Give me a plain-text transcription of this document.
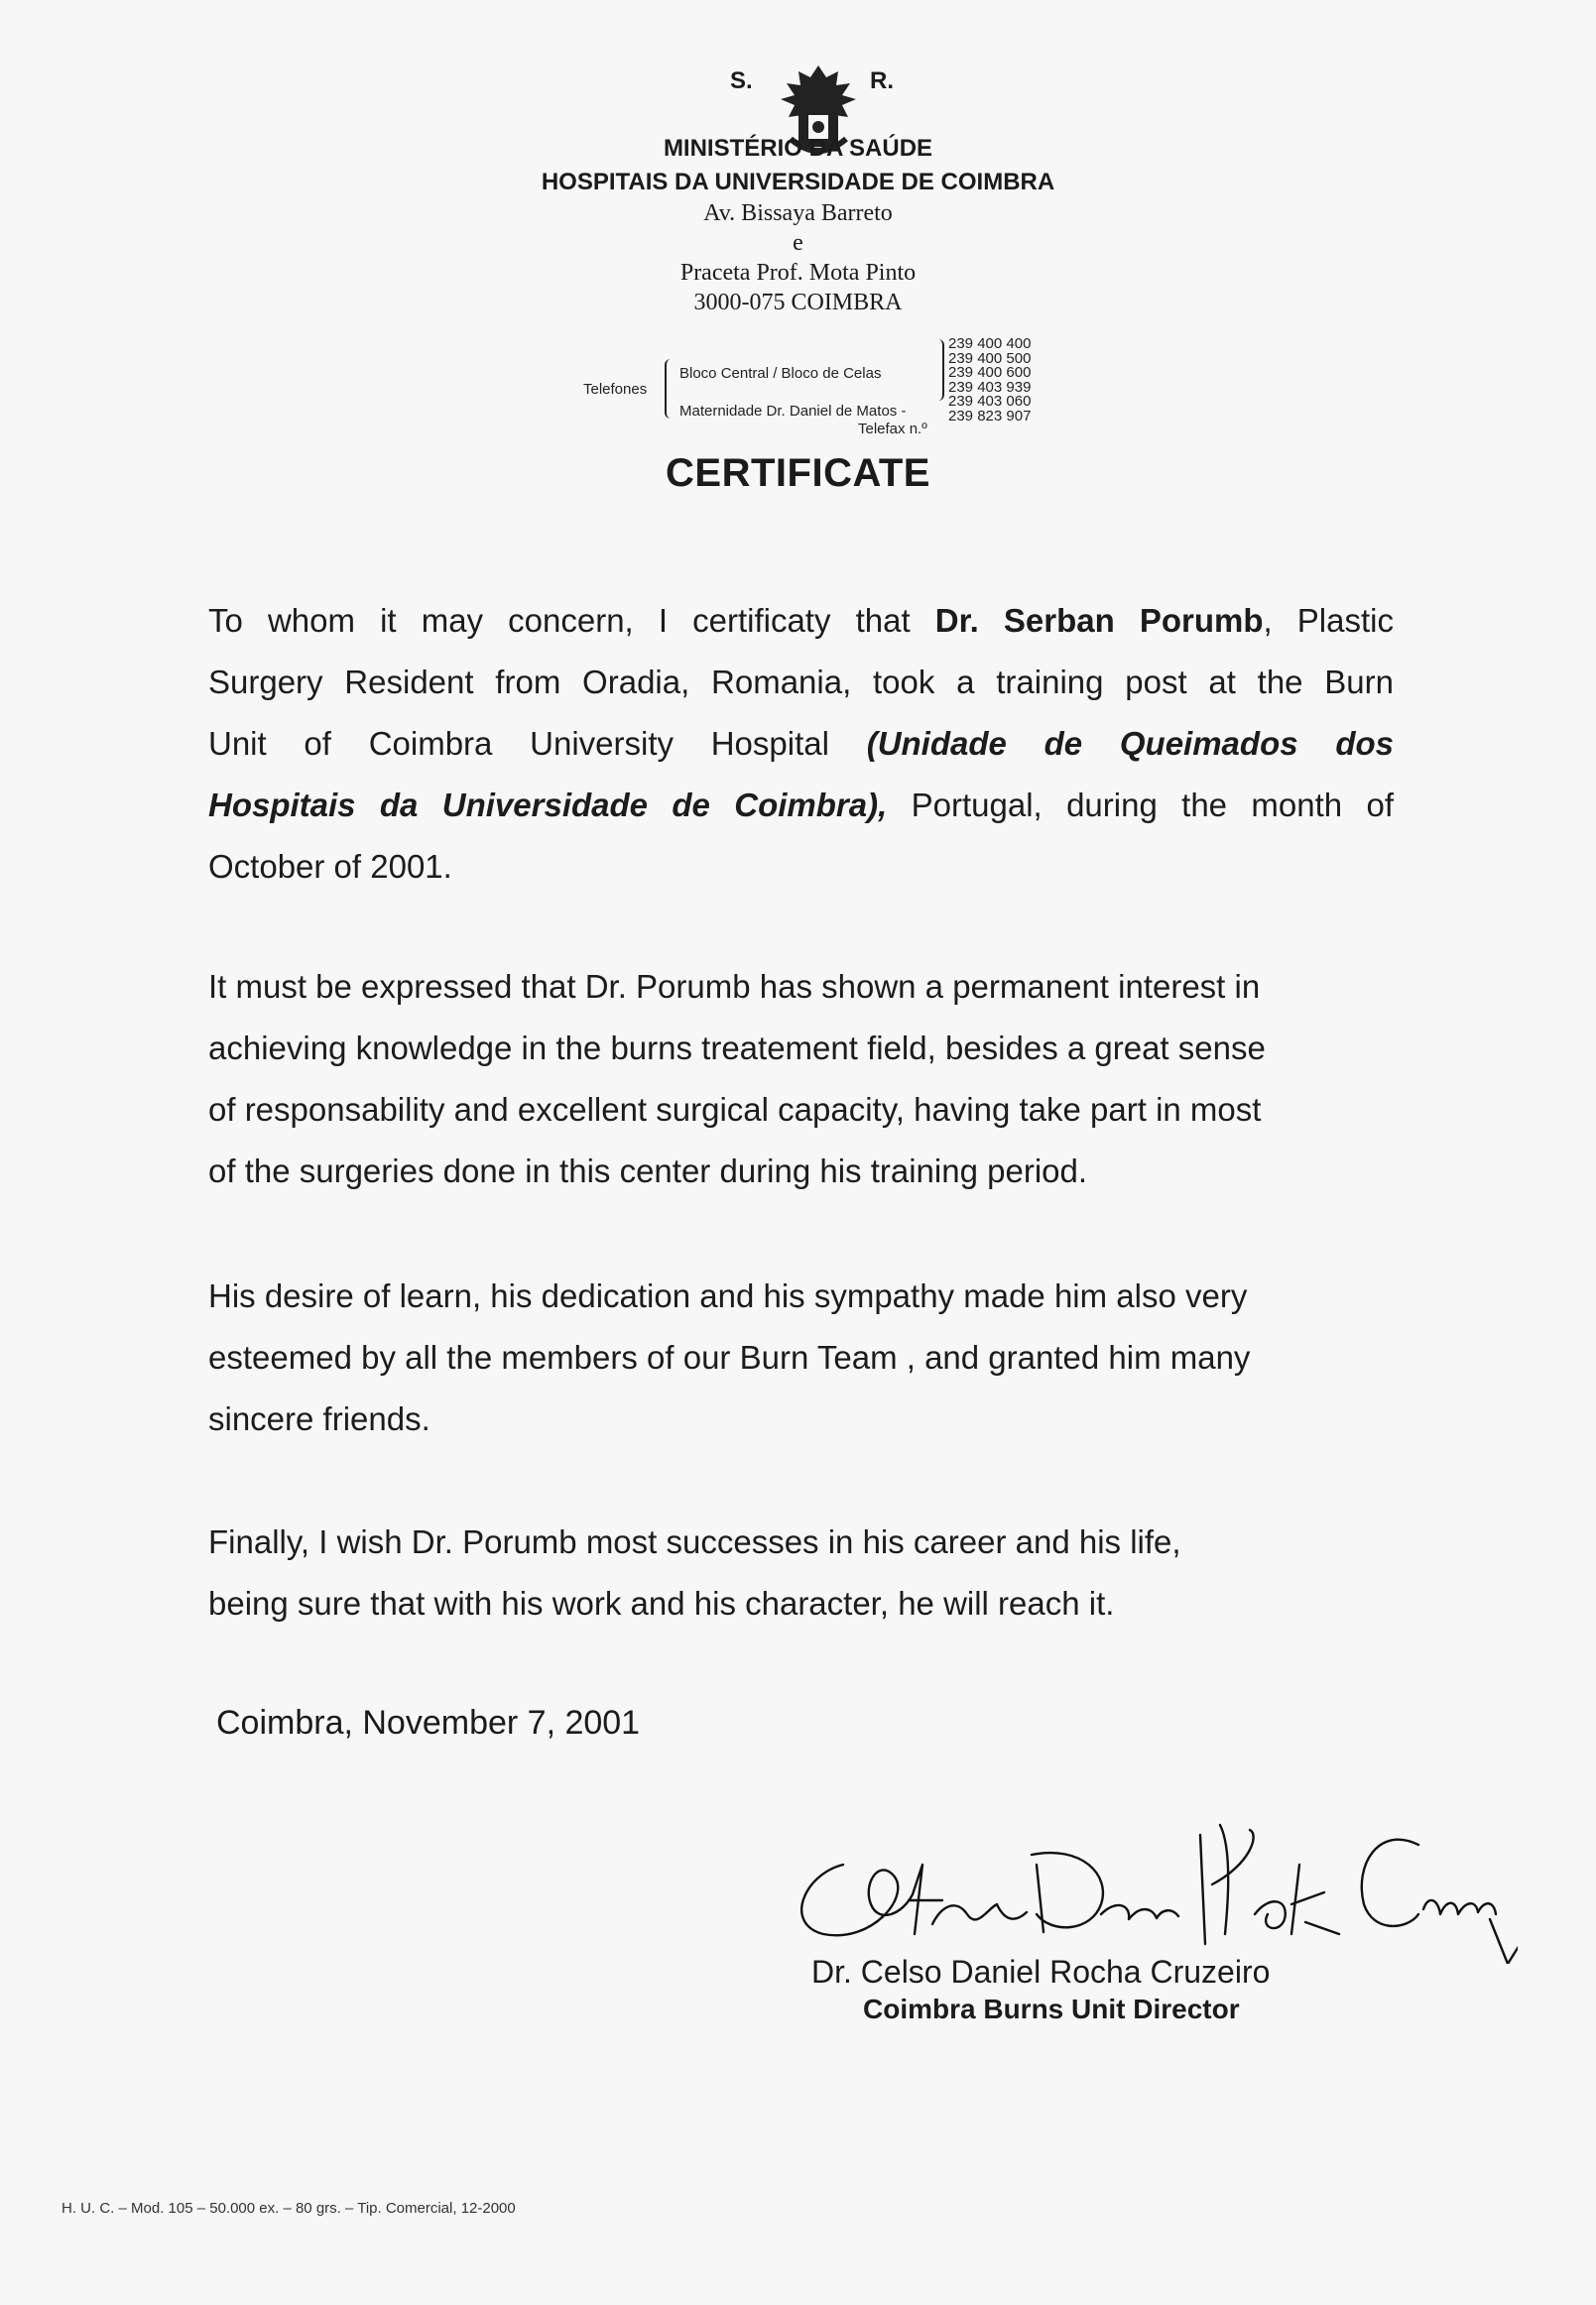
S.	R.
MINISTÉRIO DA SAÚDE
HOSPITAIS DA UNIVERSIDADE DE COIMBRA
Av. Bissaya Barreto
e
Praceta Prof. Mota Pinto
3000-075 COIMBRA
Telefones
Bloco Central / Bloco de Celas
Maternidade Dr. Daniel de Matos -
Telefax n.º
239 400 400
239 400 500
239 400 600
239 403 939
239 403 060
239 823 907
CERTIFICATE
To whom it may concern, I certificaty that Dr. Serban Porumb, Plastic
Surgery Resident from Oradia, Romania, took a training post at the Burn
Unit of Coimbra University Hospital (Unidade de Queimados dos
Hospitais da Universidade de Coimbra), Portugal, during the month of
October of 2001.
It must be expressed that Dr. Porumb has shown a permanent interest in
achieving knowledge in the burns treatement field, besides a great sense
of responsability and excellent surgical capacity, having take part in most
of the surgeries done in this center during his training period.
His desire of learn, his dedication and his sympathy made him also very
esteemed by all the members of our Burn Team , and granted him many
sincere friends.
Finally, I wish Dr. Porumb most successes in his career and his life,
being sure that with his work and his character, he will reach it.
Coimbra, November 7, 2001
Dr. Celso Daniel Rocha Cruzeiro
Coimbra Burns Unit Director
H. U. C. – Mod. 105 – 50.000 ex. – 80 grs. – Tip. Comercial, 12-2000
